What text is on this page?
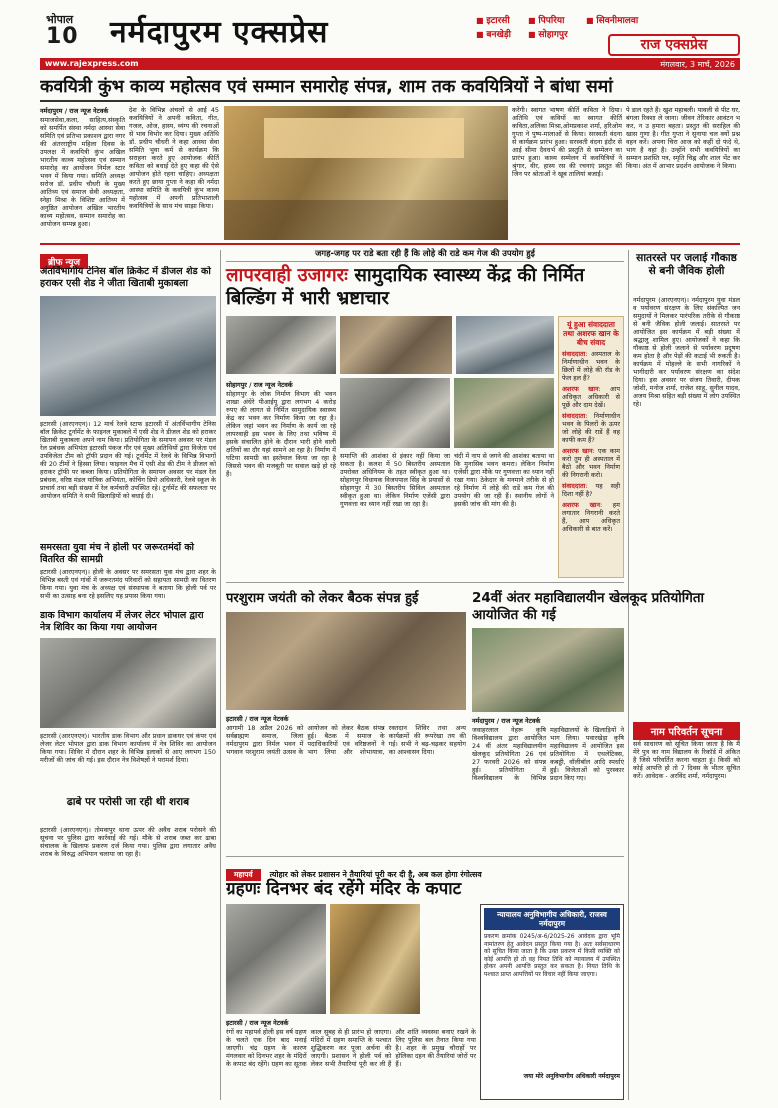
भोपाल
10 नर्मदापुरम एक्सप्रेस	■ इटारसी	■ पिपरिया	■ सिवनीमालवा
■ बनखेड़ी	■ सोहागपुर
राज एक्सप्रेस
www.rajexpress.com	मंगलवार, 3 मार्च, 2026
कवयित्री कुंभ काव्य महोत्सव एवं सम्मान समारोह संपन्न, शाम तक कवयित्रियों ने बांधा समां
नर्मदापुरम / राज न्यूज नेटवर्क
समाजसेवा,कला, साहित्य,संस्कृति को समर्पित संस्था नर्मदा आस्था सेवा समिति एवं प्रतिभा प्रकाशन द्वारा नगर की अंतरराष्ट्रीय महिला दिवस के उपलक्ष में कवयित्री कुंभ अखिल भारतीय काव्य महोत्सव एवं सम्मान समारोह का आयोजन निर्मल स्टार भवन में किया गया। समिति अध्यक्ष सरोज डॉ. प्रधीप चौधरी के मुख्य आतिथ्य एवं समाज सेवी अध्यक्षता, स्नेहा मिश्रा के विशिष्ट आतिथ्य में अनुष्ठित आयोजन अखिल भारतीय काव्य महोत्सव, सम्मान समारोह का आयोजन सम्पन्न हुआ।
देश के विभिन्न अंचलों से आईं 45 कवयित्रियों ने अपनी कविता, गीत, गजल, ओज, हास्य, व्यंग्य की रचनाओं से भाव विभोर कर दिया। मुख्य अतिथि डॉ. प्रधीप चौधरी ने कहा आस्था सेवा समिति भुवा कर्म से कार्यक्रम कि सराहना करते हुए आयोजक कीर्ति कविता को बधाई देते हुए कहा की ऐसे आयोजन होते रहना चाहिए। अध्यक्षता करते हुए छाया गुप्ता ने कहा की नर्मदा आस्था समिति के कवयित्री कुंभ काव्य महोत्सव में अपनी प्रतिभाशाली कवयित्रियों के साथ मंच साझा किया।
करेंगी। स्वागत भाषण कीर्ति कविता ने दिया। अतिथि एवं कवियों का स्वागत कीर्ति कविता,अलिका मिश्रा,ओमप्रकाश शर्मा, हरिओम गुप्ता ने पुष्प-मालाओं से किया। सरस्वती वंदना से कार्यक्रम प्रारंभ हुआ। सरस्वती वंदना इंदौर से आई सीमा दैवधर्भ की प्रस्तुति से सम्मेलन का प्रारंभ हुआ। काव्य सम्मेलन में कवयित्रियों ने श्रृंगार, वीर, हास्य रस की रचनाएं प्रस्तुत कीं जिन पर श्रोताओं ने खूब तालियां बजाईं।
पे डाल रहते हैं। खुश महाबली। पावली से पीट घर, बंगला रिक्शा ले जाना। जीवन तेरिकार आवंटन भ कर, न उ हमारा बहता। प्रस्तुत की सराहिल की खास गुणा है। गीत गुप्ता ने सुनाया चल क्यों प्रश्न वहन करें। अपना चिरा आज को कहीं दो फंदे थे, भाग है वहां है। उन्होंने सभी कवयित्रियों का सम्मान प्रशस्ति पत्र, स्मृति चिह्न और शाल भेंट कर किया। अंत में आभार प्रदर्शन आयोजक ने किया।
ब्रीफ न्यूज
अंतर्विभागीय टेनिस बॉल क्रिकेट में डीजल शेड को हराकर एसी शेड ने जीता खिताबी मुकाबला
इटारसी (आरएनएन)। 12 मार्च रेलवे स्टाफ इटारसी में अंतर्विभागीय टेनिस बॉल क्रिकेट टूर्नामेंट के फाइनल मुकाबले में एसी शेड ने डीजल शेड को हराकर खिताबी मुकाबला अपने नाम किया। प्रतियोगिता के समापन अवसर पर मंडल रेल प्रबंधक अभियंता इटारसी पंकज गौर एवं मुख्य अतिथियों द्वारा विजेता एवं उपविजेता टीम को ट्रॉफी प्रदान की गई। टूर्नामेंट में रेलवे के विभिन्न विभागों की 20 टीमों ने हिस्सा लिया। फाइनल मैच में एसी शेड की टीम ने डीजल को हराकर ट्रॉफी पर कब्जा किया। प्रतियोगिता के समापन अवसर पर मंडल रेल प्रबंधक, वरिष्ठ मंडल यांत्रिक अभियंता, कोचिंग डिपो अधिकारी, रेलवे स्कूल के प्राचार्य तथा बड़ी संख्या में रेल कर्मचारी उपस्थित रहे। टूर्नामेंट की सफलता पर आयोजन समिति ने सभी खिलाड़ियों को बधाई दी।
समरसता युवा मंच ने होली पर जरूरतमंदों को वितरित की सामग्री
इटारसी (आरएनएन)। होली के अवसर पर समरसता युवा मंच द्वारा शहर के विभिन्न बस्ती एवं गांवों में जरूरतमंद परिवारों को सहायता सामग्री का वितरण किया गया। युवा मंच के अध्यक्ष एवं संस्थापक ने बताया कि होली पर्व पर सभी का उत्साह बना रहे इसलिए यह प्रयास किया गया।
डाक विभाग कार्यालय में लेजर लेटर भोपाल द्वारा नेत्र शिविर का किया गया आयोजन
इटारसी (आरएनएन)। भारतीय डाक विभाग और प्रधान डाकघर एवं कंपर एवं लेजर लेटर भोपाल द्वारा डाक विभाग कार्यालय में नेत्र शिविर का आयोजन किया गया। शिविर में दौरान शहर के विभिन्न इलाकों से आए लगभग 150 मरीजों की जांच की गई। इस दौरान नेत्र विशेषज्ञों ने परामर्श दिया।
ढाबे पर परोसी जा रही थी शराब
इटारसी (आरएनएन)। तोमवापुर थाना ऊपर की अवैध शराब परोसने की सूचना पर पुलिस द्वारा कार्रवाई की गई। मौके से शराब जब्त कर ढाबा संचालक के खिलाफ प्रकरण दर्ज किया गया। पुलिस द्वारा लगातार अवैध शराब के विरुद्ध अभियान चलाया जा रहा है।
जगह-जगह पर राडे बता रही हैं कि लोहे की राडे कम गेज की उपयोग हुई
लापरवाही उजागरः सामुदायिक स्वास्थ्य केंद्र की निर्मित बिल्डिंग में भारी भ्रष्टाचार
सोहागपुर / राज न्यूज नेटवर्क
सोहागपुर के लोक निर्माण विभाग की भवन शाखा अंधेरे पीआईयू द्वारा लगभग 4 करोड़ रुपए की लागत से निर्मित सामुदायिक स्वास्थ्य केंद्र का भवन कर निर्माण किया जा रहा है। लेकिन जहां भवन का निर्माण के कार्य जा रहे लापरवाही इस भवन के लिए तथा भविष्य में इसके संचालित होने के दौरान भारी होने वाली क्षतियों का दौर यहां सामने आ रहा है। निर्माण में घटिया सामग्री का इस्तेमाल किया जा रहा है जिससे भवन की मजबूती पर सवाल खड़े हो रहे हैं।
समाप्ति की आशंका से इंकार नहीं किया जा सकता है। कलश में 50 बिस्तरीय अस्पताल उपरोक्त अधिनियम के तहत स्वीकृत हुआ था। सोहागपुर विधायक विजयपाल सिंह के प्रयासों से सोहागपुर में 30 बिस्तरीय सिविल अस्पताल स्वीकृत हुआ था। लेकिन निर्माण एजेंसी द्वारा गुणवत्ता का ध्यान नहीं रखा जा रहा है।
चंदी में नाप से जगने की आशंका बताया था कि मुनासिब भवन कमरा। लेकिन निर्माण एजेंसी द्वारा मौके पर गुणवत्ता का ध्यान नहीं रखा गया। ठेकेदार के मनमाने तरीके से हो रहे निर्माण में लोहे की राडें कम गेज की उपयोग की जा रही हैं। स्थानीय लोगों ने इसकी जांच की मांग की है।
यूं हुआ संवाददाता तथा अशरफ खान के बीच संवाद
संवाददाता: अस्पताल के निर्माणाधीन भवन के छिलों में लोहे की रॉड के फेल हल हैं?
अशरफ खान: आप अधिकृत अधिकारी से पूछें और दाम देखें।
संवाददाता: निर्माणाधीन भवन के पिलरों के ऊपर जो लोहे की राडें हैं वह काफी कम हैं?
अशरफ खान: एक काम करो तुम ही अस्पताल में बैठो और भवन निर्माण की निगरानी करो।
संवाददाता: यह सही दिशा नहीं है?
अशरफ खान: हम लगातार निगरानी करते हैं, आप अधिकृत अधिकारी से बात करें।
सातरस्ते पर जलाई गौकाष्ठ से बनी जैविक होली
नर्मदापुरम (आरएनएन)। नर्मदापुरम युवा मंडल व पर्यावरण संरक्षण के लिए संकल्पित जन समुदायों ने मिलकर पारंपरिक तरीके से गौकाष्ठ से बनी जैविक होली जलाई। सातरस्ते पर आयोजित इस कार्यक्रम में बड़ी संख्या में श्रद्धालु शामिल हुए। आयोजकों ने कहा कि गौकाष्ठ से होली जलाने से पर्यावरण प्रदूषण कम होता है और पेड़ों की कटाई भी रुकती है। कार्यक्रम में मोहल्ले के सभी नागरिकों ने भागीदारी कर पर्यावरण संरक्षण का संदेश दिया। इस अवसर पर संजय तिवारी, दीपक जोशी, मनोज शर्मा, राजेश साहू, सुनील यादव, अजय मिश्रा सहित बड़ी संख्या में लोग उपस्थित रहे।
नाम परिवर्तन सूचना
सर्व साधारण को सूचित किया जाता है कि मैं मेरे पुत्र का नाम विद्यालय के रिकॉर्ड में अंकित है जिसे परिवर्तित करना चाहता हूं। किसी को कोई आपत्ति हो तो 7 दिवस के भीतर सूचित करें। आवेदक - अरविंद शर्मा, नर्मदापुरम।
परशुराम जयंती को लेकर बैठक संपन्न हुई
इटारसी / राज न्यूज नेटवर्क
आगामी 18 अप्रैल 2026 को सर्वब्राह्मण समाज, जिला नर्मदापुरम द्वारा निर्मल भवन में भगवान परशुराम जयंती उत्सव के आयोजन को लेकर बैठक संपन्न हुई। बैठक में समाज के पदाधिकारियों एवं वरिष्ठजनों ने भाग लिया और शोभायात्रा, रक्तदान शिविर तथा अन्य कार्यक्रमों की रूपरेखा तय की गई। सभी ने बढ़-चढ़कर सहयोग का आश्वासन दिया।
24वीं अंतर महाविद्यालयीन खेलकूद प्रतियोगिता आयोजित की गई
नर्मदापुरम / राज न्यूज नेटवर्क
जवाहरलाल नेहरू कृषि विश्वविद्यालय द्वारा आयोजित 24 वीं अंतर महाविद्यालयीन खेलकूद प्रतियोगिता 26 एवं 27 फरवरी 2026 को संपन्न हुई। प्रतियोगिता में विश्वविद्यालय के विभिन्न महाविद्यालयों के खिलाड़ियों ने भाग लिया। पवारखेड़ा कृषि महाविद्यालय में आयोजित इस प्रतियोगिता में एथलेटिक्स, कबड्डी, वॉलीबॉल आदि स्पर्धाएं हुईं। विजेताओं को पुरस्कार प्रदान किए गए।
महापर्व त्योहार को लेकर प्रशासन ने तैयारियां पूरी कर दी है, अब कल होगा रंगोत्सव
ग्रहणः दिनभर बंद रहेंगे मंदिर के कपाट
इटारसी / राज न्यूज नेटवर्क
रंगों का महापर्व होली इस वर्ष ग्रहण के चलते एक दिन बाद मनाई जाएगी। चंद्र ग्रहण के कारण मंगलवार को दिनभर शहर के मंदिरों के कपाट बंद रहेंगे। ग्रहण का सूतक काल सुबह से ही प्रारंभ हो जाएगा। मंदिरों में ग्रहण समाप्ति के पश्चात शुद्धिकरण कर पूजा अर्चना की जाएगी। प्रशासन ने होली पर्व को लेकर सभी तैयारियां पूरी कर ली हैं और शांति व्यवस्था बनाए रखने के लिए पुलिस बल तैनात किया गया है। शहर के प्रमुख चौराहों पर होलिका दहन की तैयारियां जोरों पर हैं।
न्यायालय अनुविभागीय अधिकारी, राजस्व नर्मदापुरम
प्रकरण क्रमांक 0245/अ-6/2025-26 आवेदक द्वारा भूमि नामांतरण हेतु आवेदन प्रस्तुत किया गया है। अतः सर्वसाधारण को सूचित किया जाता है कि उक्त प्रकरण में किसी व्यक्ति को कोई आपत्ति हो तो वह नियत तिथि को न्यायालय में उपस्थित होकर अपनी आपत्ति प्रस्तुत कर सकता है। नियत तिथि के पश्चात प्राप्त आपत्तियों पर विचार नहीं किया जाएगा।
जया मोरे अनुविभागीय अधिकारी नर्मदापुरम
